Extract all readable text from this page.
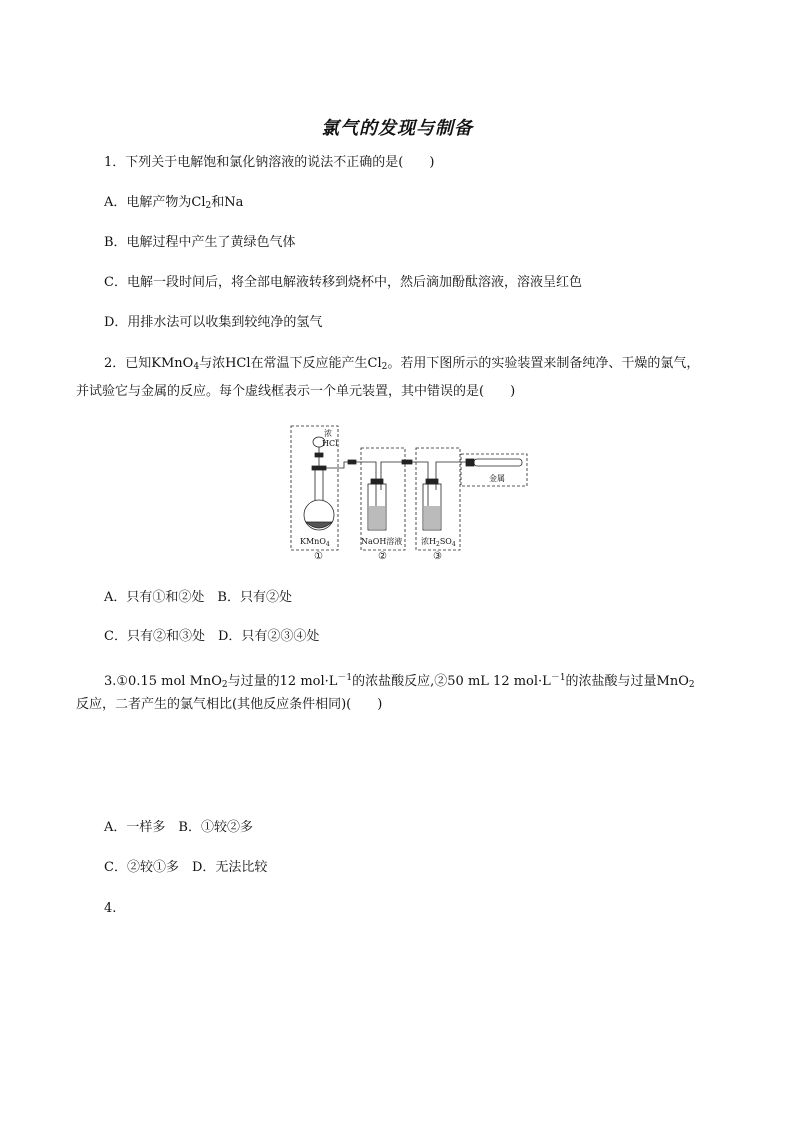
氯气的发现与制备
1．下列关于电解饱和氯化钠溶液的说法不正确的是(　　)
A．电解产物为$Cl_2$和Na
B．电解过程中产生了黄绿色气体
C．电解一段时间后，将全部电解液转移到烧杯中，然后滴加酚酞溶液，溶液呈红色
D．用排水法可以收集到较纯净的氢气
2．已知KMnO$_4$与浓HCl在常温下反应能产生$Cl_2$。若用下图所示的实验装置来制备纯净、干燥的氯气，
并试验它与金属的反应。每个虚线框表示一个单元装置，其中错误的是(　　)
浓
HCl
KMnO$_4$	NaOH溶液 浓$H_2SO_4$
金属
①	②	③
A．只有①和②处　B．只有②处
C．只有②和③处　D．只有②③④处
3.①0.15 mol MnO$_2$与过量的12 $mol\cdot L^{-1}$的浓盐酸反应,②50 mL 12 $mol\cdot L^{-1}$的浓盐酸与过量MnO$_2$
反应，二者产生的氯气相比(其他反应条件相同)(　　)
A．一样多　B．①较②多
C．②较①多　D．无法比较
4.
